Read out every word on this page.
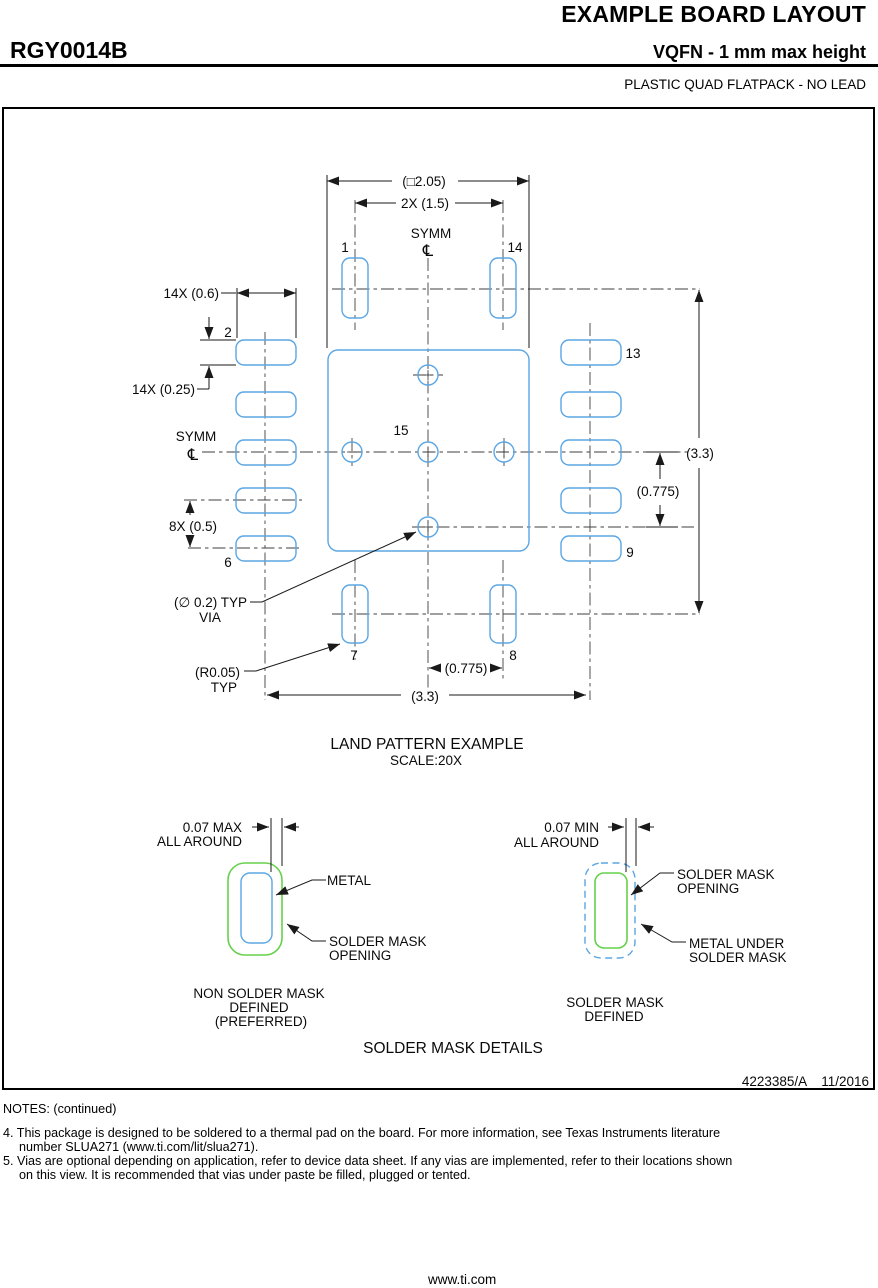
EXAMPLE BOARD LAYOUT
RGY0014B	VQFN - 1 mm max height
PLASTIC QUAD FLATPACK - NO LEAD
(□2.05)
2X (1.5)
SYMM
℄
1	14
14X (0.6)
2
14X (0.25)
SYMM
℄
15
(3.3)
(0.775)
8X (0.5)
13
9
6
(∅ 0.2) TYP
VIA
(R0.05)
TYP
7	8
(0.775)
(3.3)
LAND PATTERN EXAMPLE
SCALE:20X
0.07 MAX
ALL AROUND
METAL
SOLDER MASK
OPENING
NON SOLDER MASK
DEFINED
(PREFERRED)
0.07 MIN
ALL AROUND
SOLDER MASK
OPENING
METAL UNDER
SOLDER MASK
SOLDER MASK
DEFINED
SOLDER MASK DETAILS
4223385/A 11/2016
NOTES: (continued)
4. This package is designed to be soldered to a thermal pad on the board. For more information, see Texas Instruments literature
number SLUA271 (www.ti.com/lit/slua271).
5. Vias are optional depending on application, refer to device data sheet. If any vias are implemented, refer to their locations shown
on this view. It is recommended that vias under paste be filled, plugged or tented.
www.ti.com
